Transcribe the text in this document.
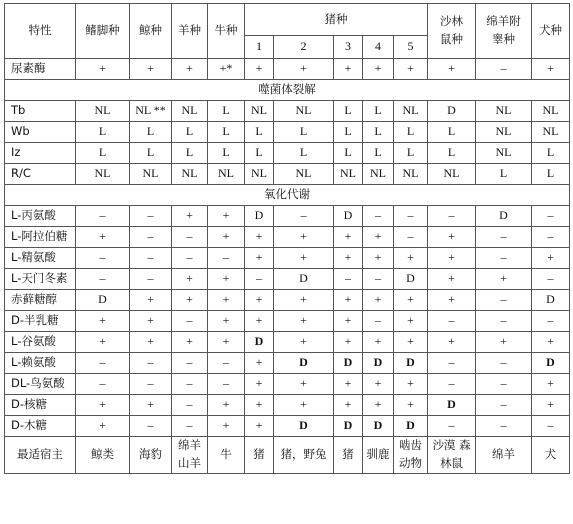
特性	鳍脚种	鲸种	羊种	牛种	猪种					沙林鼠种	绵羊附睾种	犬种
					1	2	3	4	5			
尿素酶	+	+	+	+*	+	+	+	+	+	+	–	+
噬菌体裂解												
Tb	NL	NL **	NL	L	NL	NL	L	L	NL	D	NL	NL
Wb	L	L	L	L	L	L	L	L	L	L	NL	NL
Iz	L	L	L	L	L	L	L	L	L	L	NL	L
R/C	NL	NL	NL	NL	NL	NL	NL	NL	NL	NL	L	L
氧化代谢												
L-丙氨酸	–	–	+	+	D	–	D	–	–	–	D	–
L-阿拉伯糖	+	–	–	+	+	+	+	+	–	+	–	–
L-精氨酸	–	–	–	–	+	+	+	+	+	+	–	+
L-天门冬素	–	–	+	+	–	D	–	–	D	+	+	–
赤藓糖醇	D	+	+	+	+	+	+	+	+	+	–	D
D-半乳糖	+	+	–	+	+	+	+	–	+	–	–	–
L-谷氨酸	+	+	+	+	D	+	+	+	+	+	+	+
L-赖氨酸	–	–	–	–	+	D	D	D	D	–	–	D
DL-鸟氨酸	–	–	–	–	+	+	+	+	+	–	–	+
D-核糖	+	+	–	+	+	+	+	+	+	D	–	+
D-木糖	+	–	–	+	+	D	D	D	D	–	–	–
最适宿主	鲸类	海豹	绵羊 山羊	牛	猪	猪，野兔	猪	驯鹿	啮齿 动物	沙漠 森林鼠	绵羊	犬
